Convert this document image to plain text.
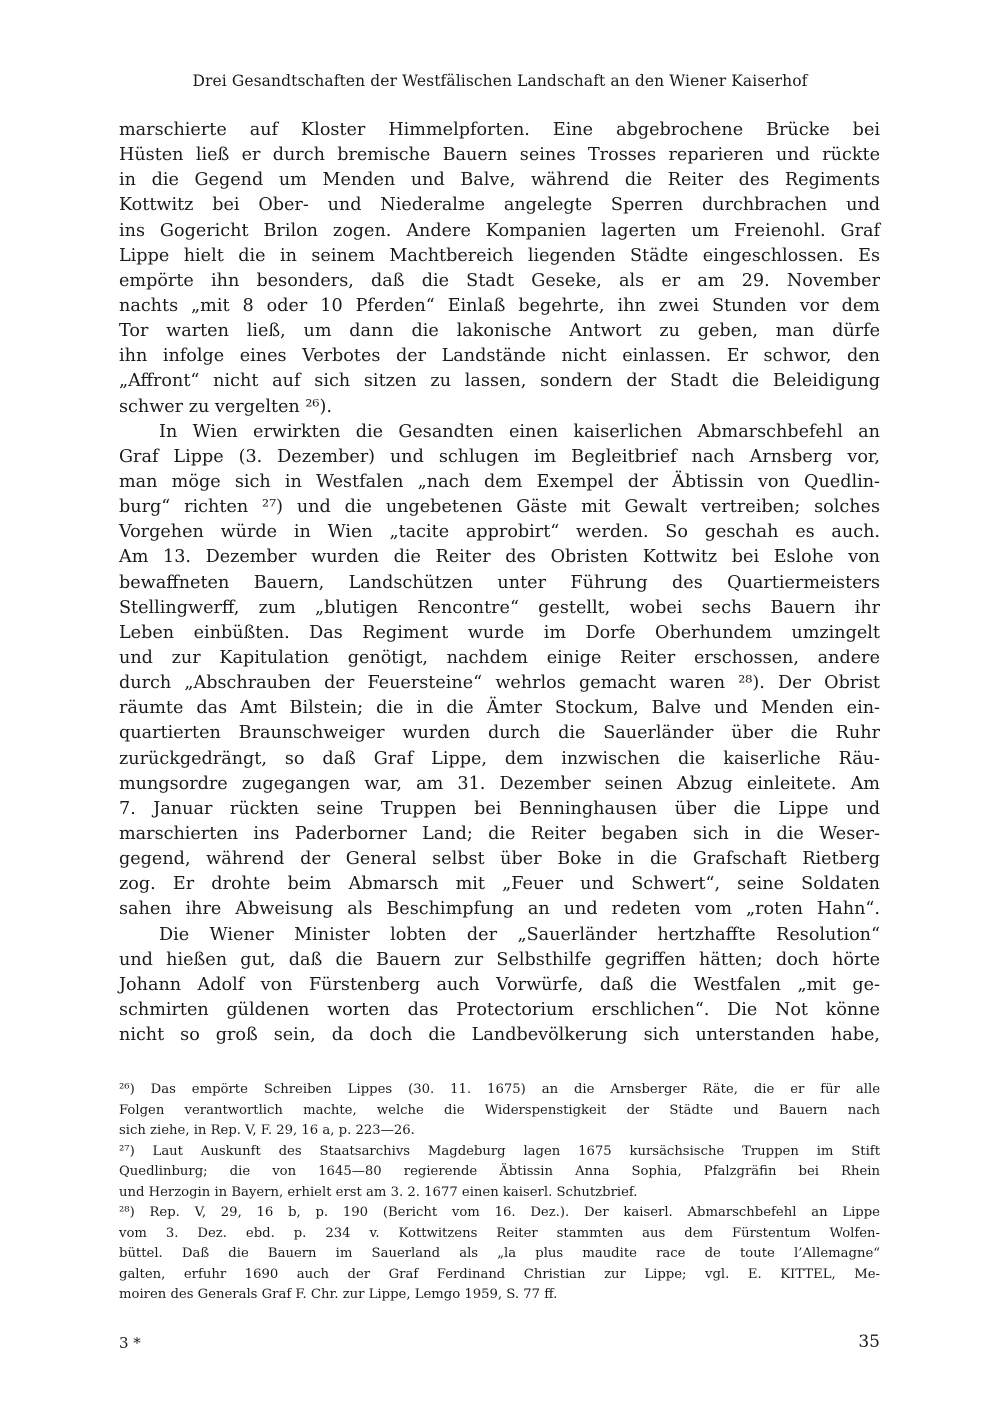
Drei Gesandtschaften der Westfälischen Landschaft an den Wiener Kaiserhof
marschierte auf Kloster Himmelpforten. Eine abgebrochene Brücke bei
Hüsten ließ er durch bremische Bauern seines Trosses reparieren und rückte
in die Gegend um Menden und Balve, während die Reiter des Regiments
Kottwitz bei Ober- und Niederalme angelegte Sperren durchbrachen und
ins Gogericht Brilon zogen. Andere Kompanien lagerten um Freienohl. Graf
Lippe hielt die in seinem Machtbereich liegenden Städte eingeschlossen. Es
empörte ihn besonders, daß die Stadt Geseke, als er am 29. November
nachts „mit 8 oder 10 Pferden“ Einlaß begehrte, ihn zwei Stunden vor dem
Tor warten ließ, um dann die lakonische Antwort zu geben, man dürfe
ihn infolge eines Verbotes der Landstände nicht einlassen. Er schwor, den
„Affront“ nicht auf sich sitzen zu lassen, sondern der Stadt die Beleidigung
schwer zu vergelten ²⁶).
In Wien erwirkten die Gesandten einen kaiserlichen Abmarschbefehl an
Graf Lippe (3. Dezember) und schlugen im Begleitbrief nach Arnsberg vor,
man möge sich in Westfalen „nach dem Exempel der Äbtissin von Quedlin-
burg“ richten ²⁷) und die ungebetenen Gäste mit Gewalt vertreiben; solches
Vorgehen würde in Wien „tacite approbirt“ werden. So geschah es auch.
Am 13. Dezember wurden die Reiter des Obristen Kottwitz bei Eslohe von
bewaffneten Bauern, Landschützen unter Führung des Quartiermeisters
Stellingwerff, zum „blutigen Rencontre“ gestellt, wobei sechs Bauern ihr
Leben einbüßten. Das Regiment wurde im Dorfe Oberhundem umzingelt
und zur Kapitulation genötigt, nachdem einige Reiter erschossen, andere
durch „Abschrauben der Feuersteine“ wehrlos gemacht waren ²⁸). Der Obrist
räumte das Amt Bilstein; die in die Ämter Stockum, Balve und Menden ein-
quartierten Braunschweiger wurden durch die Sauerländer über die Ruhr
zurückgedrängt, so daß Graf Lippe, dem inzwischen die kaiserliche Räu-
mungsordre zugegangen war, am 31. Dezember seinen Abzug einleitete. Am
7. Januar rückten seine Truppen bei Benninghausen über die Lippe und
marschierten ins Paderborner Land; die Reiter begaben sich in die Weser-
gegend, während der General selbst über Boke in die Grafschaft Rietberg
zog. Er drohte beim Abmarsch mit „Feuer und Schwert“, seine Soldaten
sahen ihre Abweisung als Beschimpfung an und redeten vom „roten Hahn“.
Die Wiener Minister lobten der „Sauerländer hertzhaffte Resolution“
und hießen gut, daß die Bauern zur Selbsthilfe gegriffen hätten; doch hörte
Johann Adolf von Fürstenberg auch Vorwürfe, daß die Westfalen „mit ge-
schmirten güldenen worten das Protectorium erschlichen“. Die Not könne
nicht so groß sein, da doch die Landbevölkerung sich unterstanden habe,
²⁶) Das empörte Schreiben Lippes (30. 11. 1675) an die Arnsberger Räte, die er für alle
Folgen verantwortlich machte, welche die Widerspenstigkeit der Städte und Bauern nach
sich ziehe, in Rep. V, F. 29, 16 a, p. 223—26.
²⁷) Laut Auskunft des Staatsarchivs Magdeburg lagen 1675 kursächsische Truppen im Stift
Quedlinburg; die von 1645—80 regierende Äbtissin Anna Sophia, Pfalzgräfin bei Rhein
und Herzogin in Bayern, erhielt erst am 3. 2. 1677 einen kaiserl. Schutzbrief.
²⁸) Rep. V, 29, 16 b, p. 190 (Bericht vom 16. Dez.). Der kaiserl. Abmarschbefehl an Lippe
vom 3. Dez. ebd. p. 234 v. Kottwitzens Reiter stammten aus dem Fürstentum Wolfen-
büttel. Daß die Bauern im Sauerland als „la plus maudite race de toute l’Allemagne“
galten, erfuhr 1690 auch der Graf Ferdinand Christian zur Lippe; vgl. E. KITTEL, Me-
moiren des Generals Graf F. Chr. zur Lippe, Lemgo 1959, S. 77 ff.
3 *	35
